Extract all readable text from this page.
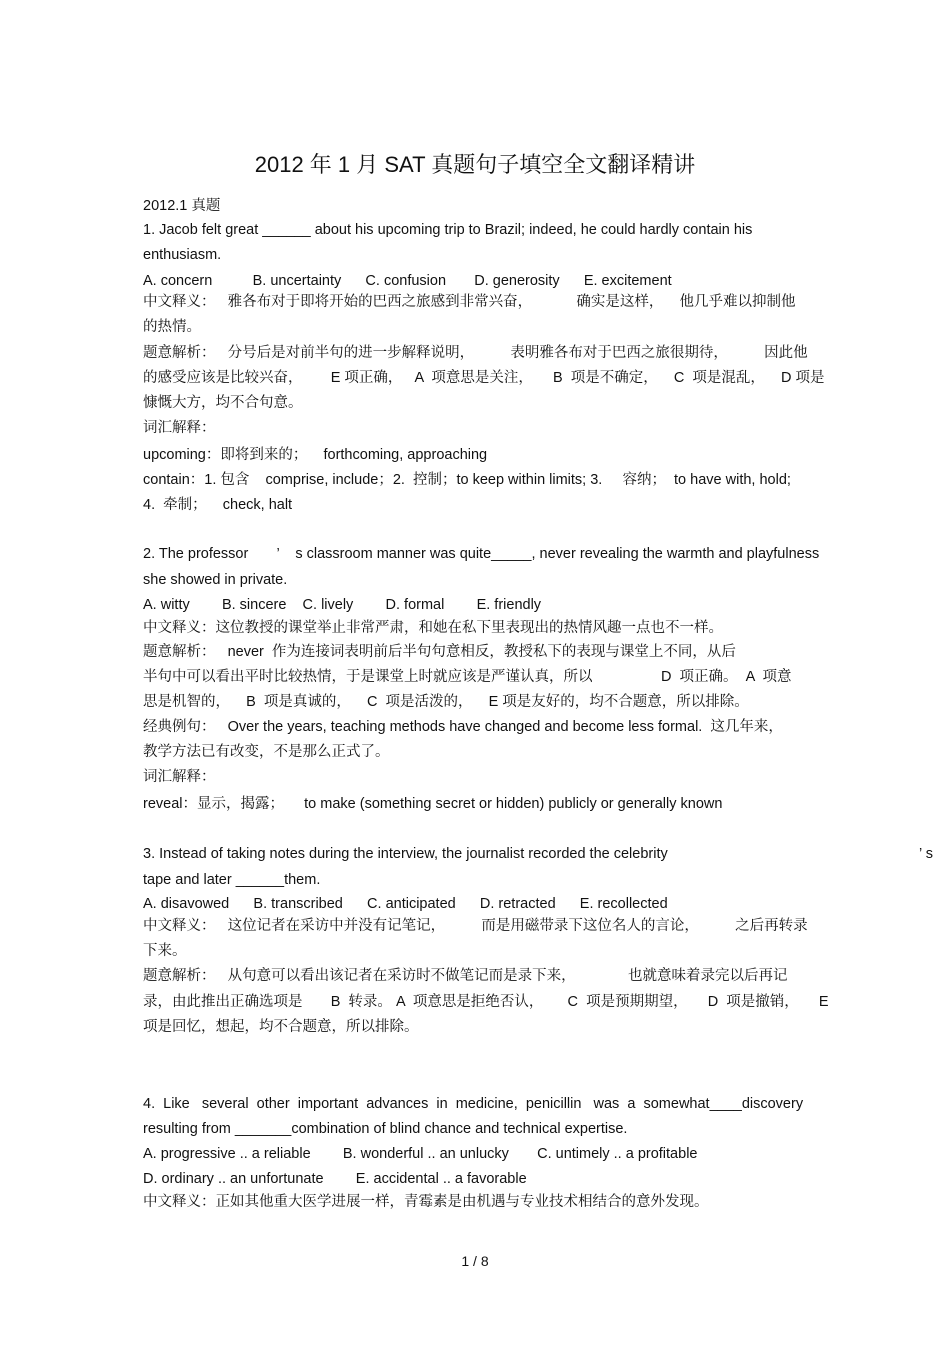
2012 年 1 月 SAT 真题句子填空全文翻译精讲
2012.1 真题
1. Jacob felt great ______ about his upcoming trip to Brazil; indeed, he could hardly contain his
enthusiasm.
A. concern          B. uncertainty      C. confusion       D. generosity      E. excitement
中文释义：   雅各布对于即将开始的巴西之旅感到非常兴奋，           确实是这样，    他几乎难以抑制他
的热情。
题意解析：   分号后是对前半句的进一步解释说明，         表明雅各布对于巴西之旅很期待，         因此他
的感受应该是比较兴奋，       E 项正确，   A  项意思是关注，     B  项是不确定，    C  项是混乱，    D 项是
慷慨大方，均不合句意。
词汇解释：
upcoming：即将到来的；    forthcoming, approaching
contain：1. 包含    comprise, include；2.  控制；to keep within limits; 3.     容纳；  to have with, hold;
4.  牵制；    check, halt
2. The professor       ’    s classroom manner was quite_____, never revealing the warmth and playfulness
she showed in private.
A. witty        B. sincere    C. lively        D. formal        E. friendly
中文释义：这位教授的课堂举止非常严肃，和她在私下里表现出的热情风趣一点也不一样。
题意解析：   never  作为连接词表明前后半句句意相反，教授私下的表现与课堂上不同，从后
半句中可以看出平时比较热情，于是课堂上时就应该是严谨认真，所以                 D  项正确。  A  项意
思是机智的，    B  项是真诚的，    C  项是活泼的，    E 项是友好的，均不合题意，所以排除。
经典例句：   Over the years, teaching methods have changed and become less formal.  这几年来，
教学方法已有改变，不是那么正式了。
词汇解释：
reveal：显示，揭露；     to make (something secret or hidden) publicly or generally known
3. Instead of taking notes during the interview, the journalist recorded the celebrity	’ s
tape and later ______them.
A. disavowed      B. transcribed      C. anticipated      D. retracted      E. recollected
中文释义：   这位记者在采访中并没有记笔记，         而是用磁带录下这位名人的言论，         之后再转录
下来。
题意解析：   从句意可以看出该记者在采访时不做笔记而是录下来，             也就意味着录完以后再记
录，由此推出正确选项是       B  转录。 A  项意思是拒绝否认，      C  项是预期期望，     D  项是撤销，     E
项是回忆，想起，均不合题意，所以排除。
4.  Like   several  other  important  advances  in  medicine,  penicillin   was  a  somewhat____discovery
resulting from _______combination of blind chance and technical expertise.
A. progressive .. a reliable        B. wonderful .. an unlucky       C. untimely .. a profitable
D. ordinary .. an unfortunate        E. accidental .. a favorable
中文释义：正如其他重大医学进展一样，青霉素是由机遇与专业技术相结合的意外发现。
1 / 8
